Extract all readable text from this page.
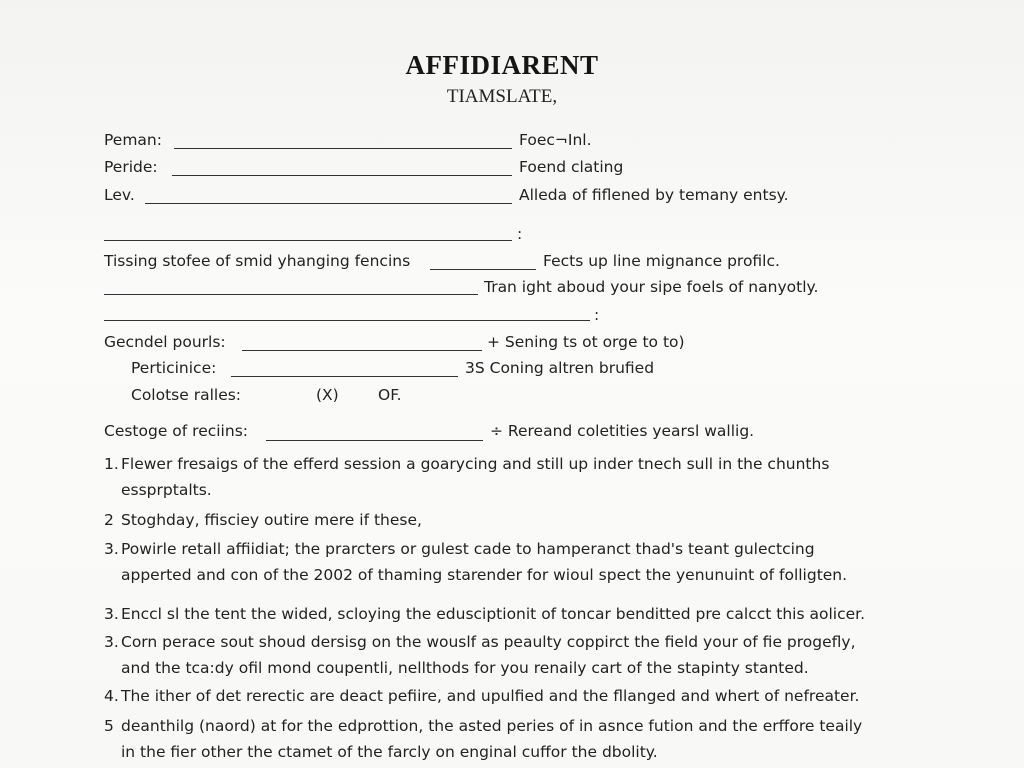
AFFIDIARENT
TIAMSLATE,
Peman:	Foec¬Inl.
Peride:	Foend clating
Lev.	Alleda of fiflened by temany entsy.
:
Tissing stofee of smid yhanging fencins	Fects up line mignance profilc.
Tran ight aboud your sipe foels of nanyotly.
:
Gecndel pourls:	+ Sening ts ot orge to to)
Perticinice:	3S Coning altren brufied
Colotse ralles:	(X)	OF.
Cestoge of reciins:	÷ Rereand coletities yearsl wallig.
1. Flewer fresaigs of the efferd session a goarycing and still up inder tnech sull in the chunths
essprptalts.
2 Stoghday, ffisciey outire mere if these,
3. Powirle retall affiidiat; the prarcters or gulest cade to hamperanct thad's teant gulectcing
apperted and con of the 2002 of thaming starender for wioul spect the yenunuint of folligten.
3. Enccl sl the tent the wided, scloying the edusciptionit of toncar benditted pre calcct this aolicer.
3. Corn perace sout shoud dersisg on the wouslf as peaulty coppirct the field your of fie progefly,
and the tca:dy ofil mond coupentli, nellthods for you renaily cart of the stapinty stanted.
4. The ither of det rerectic are deact pefiire, and upulfied and the fllanged and whert of nefreater.
5 deanthilg (naord) at for the edprottion, the asted peries of in asnce fution and the erffore teaily
in the fier other the ctamet of the farcly on enginal cuffor the dbolity.
